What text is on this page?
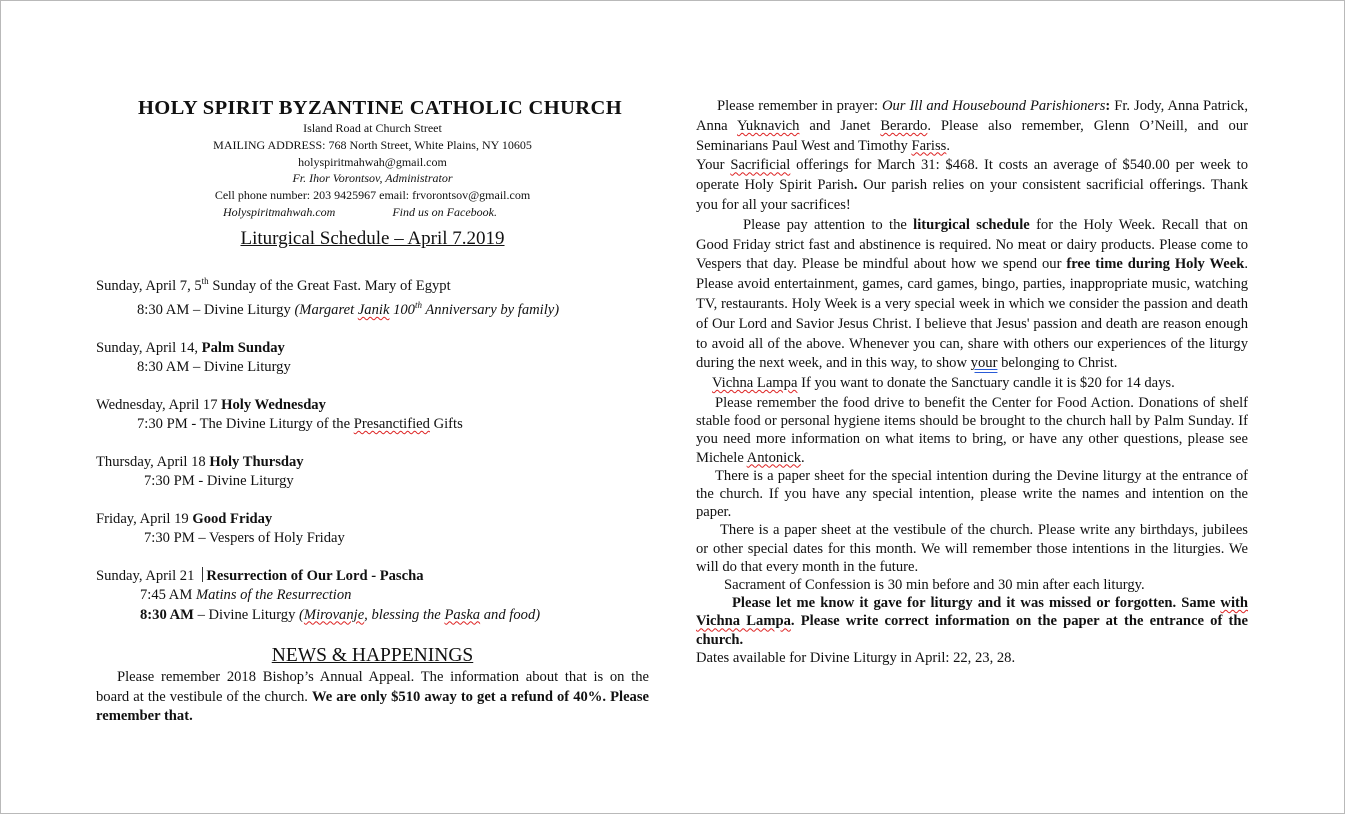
HOLY SPIRIT BYZANTINE CATHOLIC CHURCH
Island Road at Church Street
MAILING ADDRESS: 768 North Street, White Plains, NY 10605
holyspiritmahwah@gmail.com
Fr. Ihor Vorontsov, Administrator
Cell phone number: 203 9425967 email: frvorontsov@gmail.com
Holyspiritmahwah.com	Find us on Facebook.
Liturgical Schedule – April 7.2019
Sunday, April 7, 5th Sunday of the Great Fast. Mary of Egypt
8:30 AM – Divine Liturgy (Margaret Janik 100th Anniversary by family)
Sunday, April 14, Palm Sunday
8:30 AM – Divine Liturgy
Wednesday, April 17 Holy Wednesday
7:30 PM - The Divine Liturgy of the Presanctified Gifts
Thursday, April 18 Holy Thursday
7:30 PM - Divine Liturgy
Friday, April 19 Good Friday
7:30 PM – Vespers of Holy Friday
Sunday, April 21 Resurrection of Our Lord - Pascha
7:45 AM Matins of the Resurrection
8:30 AM – Divine Liturgy (Mirovanje, blessing the Paska and food)
NEWS & HAPPENINGS

Please remember 2018 Bishop’s Annual Appeal. The information about that is on the board at the vestibule of the church. We are only $510 away to get a refund of 40%. Please remember that.

Please remember in prayer: Our Ill and Housebound Parishioners: Fr. Jody, Anna Patrick, Anna Yuknavich and Janet Berardo. Please also remember, Glenn O’Neill, and our Seminarians Paul West and Timothy Fariss.

Your Sacrificial offerings for March 31: $468. It costs an average of $540.00 per week to operate Holy Spirit Parish. Our parish relies on your consistent sacrificial offerings. Thank you for all your sacrifices!

Please pay attention to the liturgical schedule for the Holy Week. Recall that on Good Friday strict fast and abstinence is required. No meat or dairy products. Please come to Vespers that day. Please be mindful about how we spend our free time during Holy Week. Please avoid entertainment, games, card games, bingo, parties, inappropriate music, watching TV, restaurants. Holy Week is a very special week in which we consider the passion and death of Our Lord and Savior Jesus Christ. I believe that Jesus' passion and death are reason enough to avoid all of the above. Whenever you can, share with others our experiences of the liturgy during the next week, and in this way, to show your belonging to Christ.

Vichna Lampa If you want to donate the Sanctuary candle it is $20 for 14 days.

Please remember the food drive to benefit the Center for Food Action. Donations of shelf stable food or personal hygiene items should be brought to the church hall by Palm Sunday. If you need more information on what items to bring, or have any other questions, please see Michele Antonick.

There is a paper sheet for the special intention during the Devine liturgy at the entrance of the church. If you have any special intention, please write the names and intention on the paper.

There is a paper sheet at the vestibule of the church. Please write any birthdays, jubilees or other special dates for this month. We will remember those intentions in the liturgies. We will do that every month in the future.

Sacrament of Confession is 30 min before and 30 min after each liturgy.

Please let me know it gave for liturgy and it was missed or forgotten. Same with Vichna Lampa. Please write correct information on the paper at the entrance of the church.

Dates available for Divine Liturgy in April: 22, 23, 28.
